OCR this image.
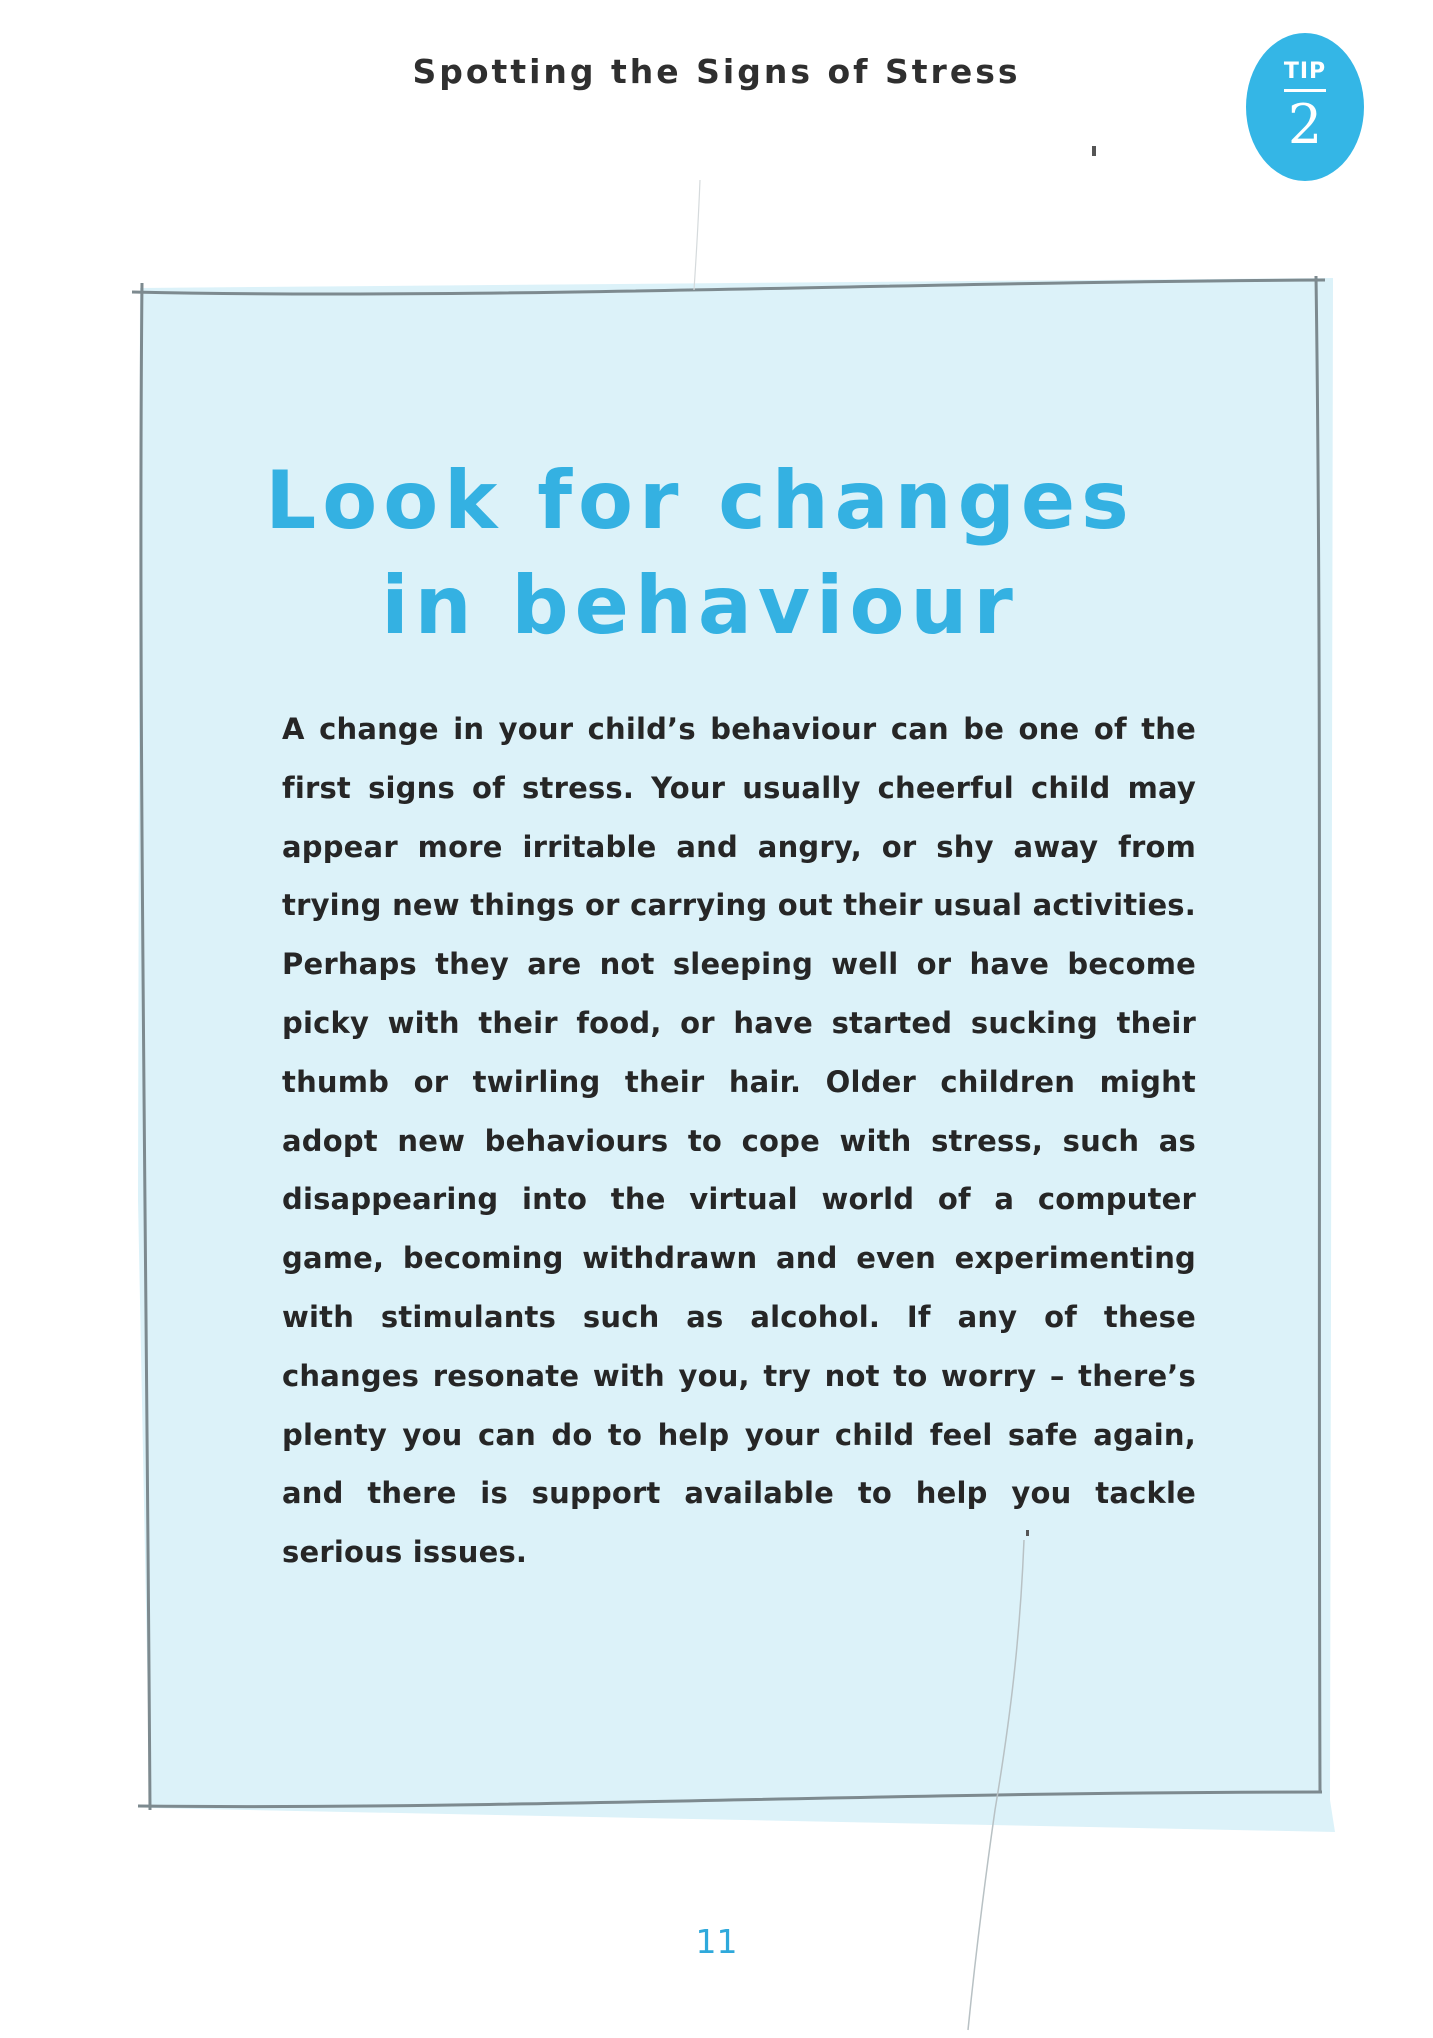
Spotting the Signs of Stress	TIP
2
Look for changes
in behaviour
A change in your child’s behaviour can be one of the first signs of stress. Your usually cheerful child may appear more irritable and angry, or shy away from trying new things or carrying out their usual activities. Perhaps they are not sleeping well or have become picky with their food, or have started sucking their thumb or twirling their hair. Older children might adopt new behaviours to cope with stress, such as disappearing into the virtual world of a computer game, becoming withdrawn and even experimenting with stimulants such as alcohol. If any of these changes resonate with you, try not to worry – there’s plenty you can do to help your child feel safe again, and there is support available to help you tackle serious issues.
11
